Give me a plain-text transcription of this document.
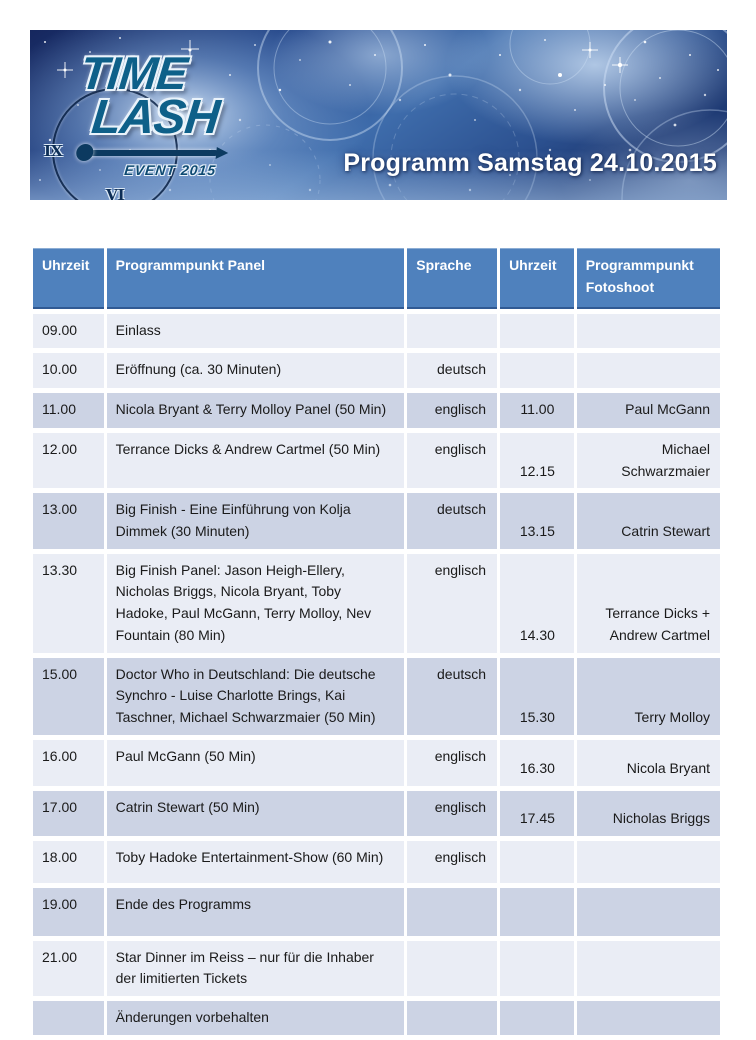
IX
VI
TIME
LASH
EVENT 2015	Programm Samstag 24.10.2015
Uhrzeit	Programmpunkt Panel	Sprache	Uhrzeit	Programmpunkt Fotoshoot
09.00	Einlass			
10.00	Eröffnung (ca. 30 Minuten)	deutsch		
11.00	Nicola Bryant & Terry Molloy Panel (50 Min)	englisch	11.00	Paul McGann
12.00	Terrance Dicks & Andrew Cartmel (50 Min)	englisch	12.15	Michael Schwarzmaier
13.00	Big Finish - Eine Einführung von Kolja Dimmek (30 Minuten)	deutsch	13.15	Catrin Stewart
13.30	Big Finish Panel: Jason Heigh-Ellery, Nicholas Briggs, Nicola Bryant, Toby Hadoke, Paul McGann, Terry Molloy, Nev Fountain (80 Min)	englisch	14.30	Terrance Dicks + Andrew Cartmel
15.00	Doctor Who in Deutschland: Die deutsche Synchro - Luise Charlotte Brings, Kai Taschner, Michael Schwarzmaier (50 Min)	deutsch	15.30	Terry Molloy
16.00	Paul McGann (50 Min)	englisch	16.30	Nicola Bryant
17.00	Catrin Stewart (50 Min)	englisch	17.45	Nicholas Briggs
18.00	Toby Hadoke Entertainment-Show (60 Min)	englisch		
19.00	Ende des Programms			
21.00	Star Dinner im Reiss – nur für die Inhaber der limitierten Tickets			
	Änderungen vorbehalten			
